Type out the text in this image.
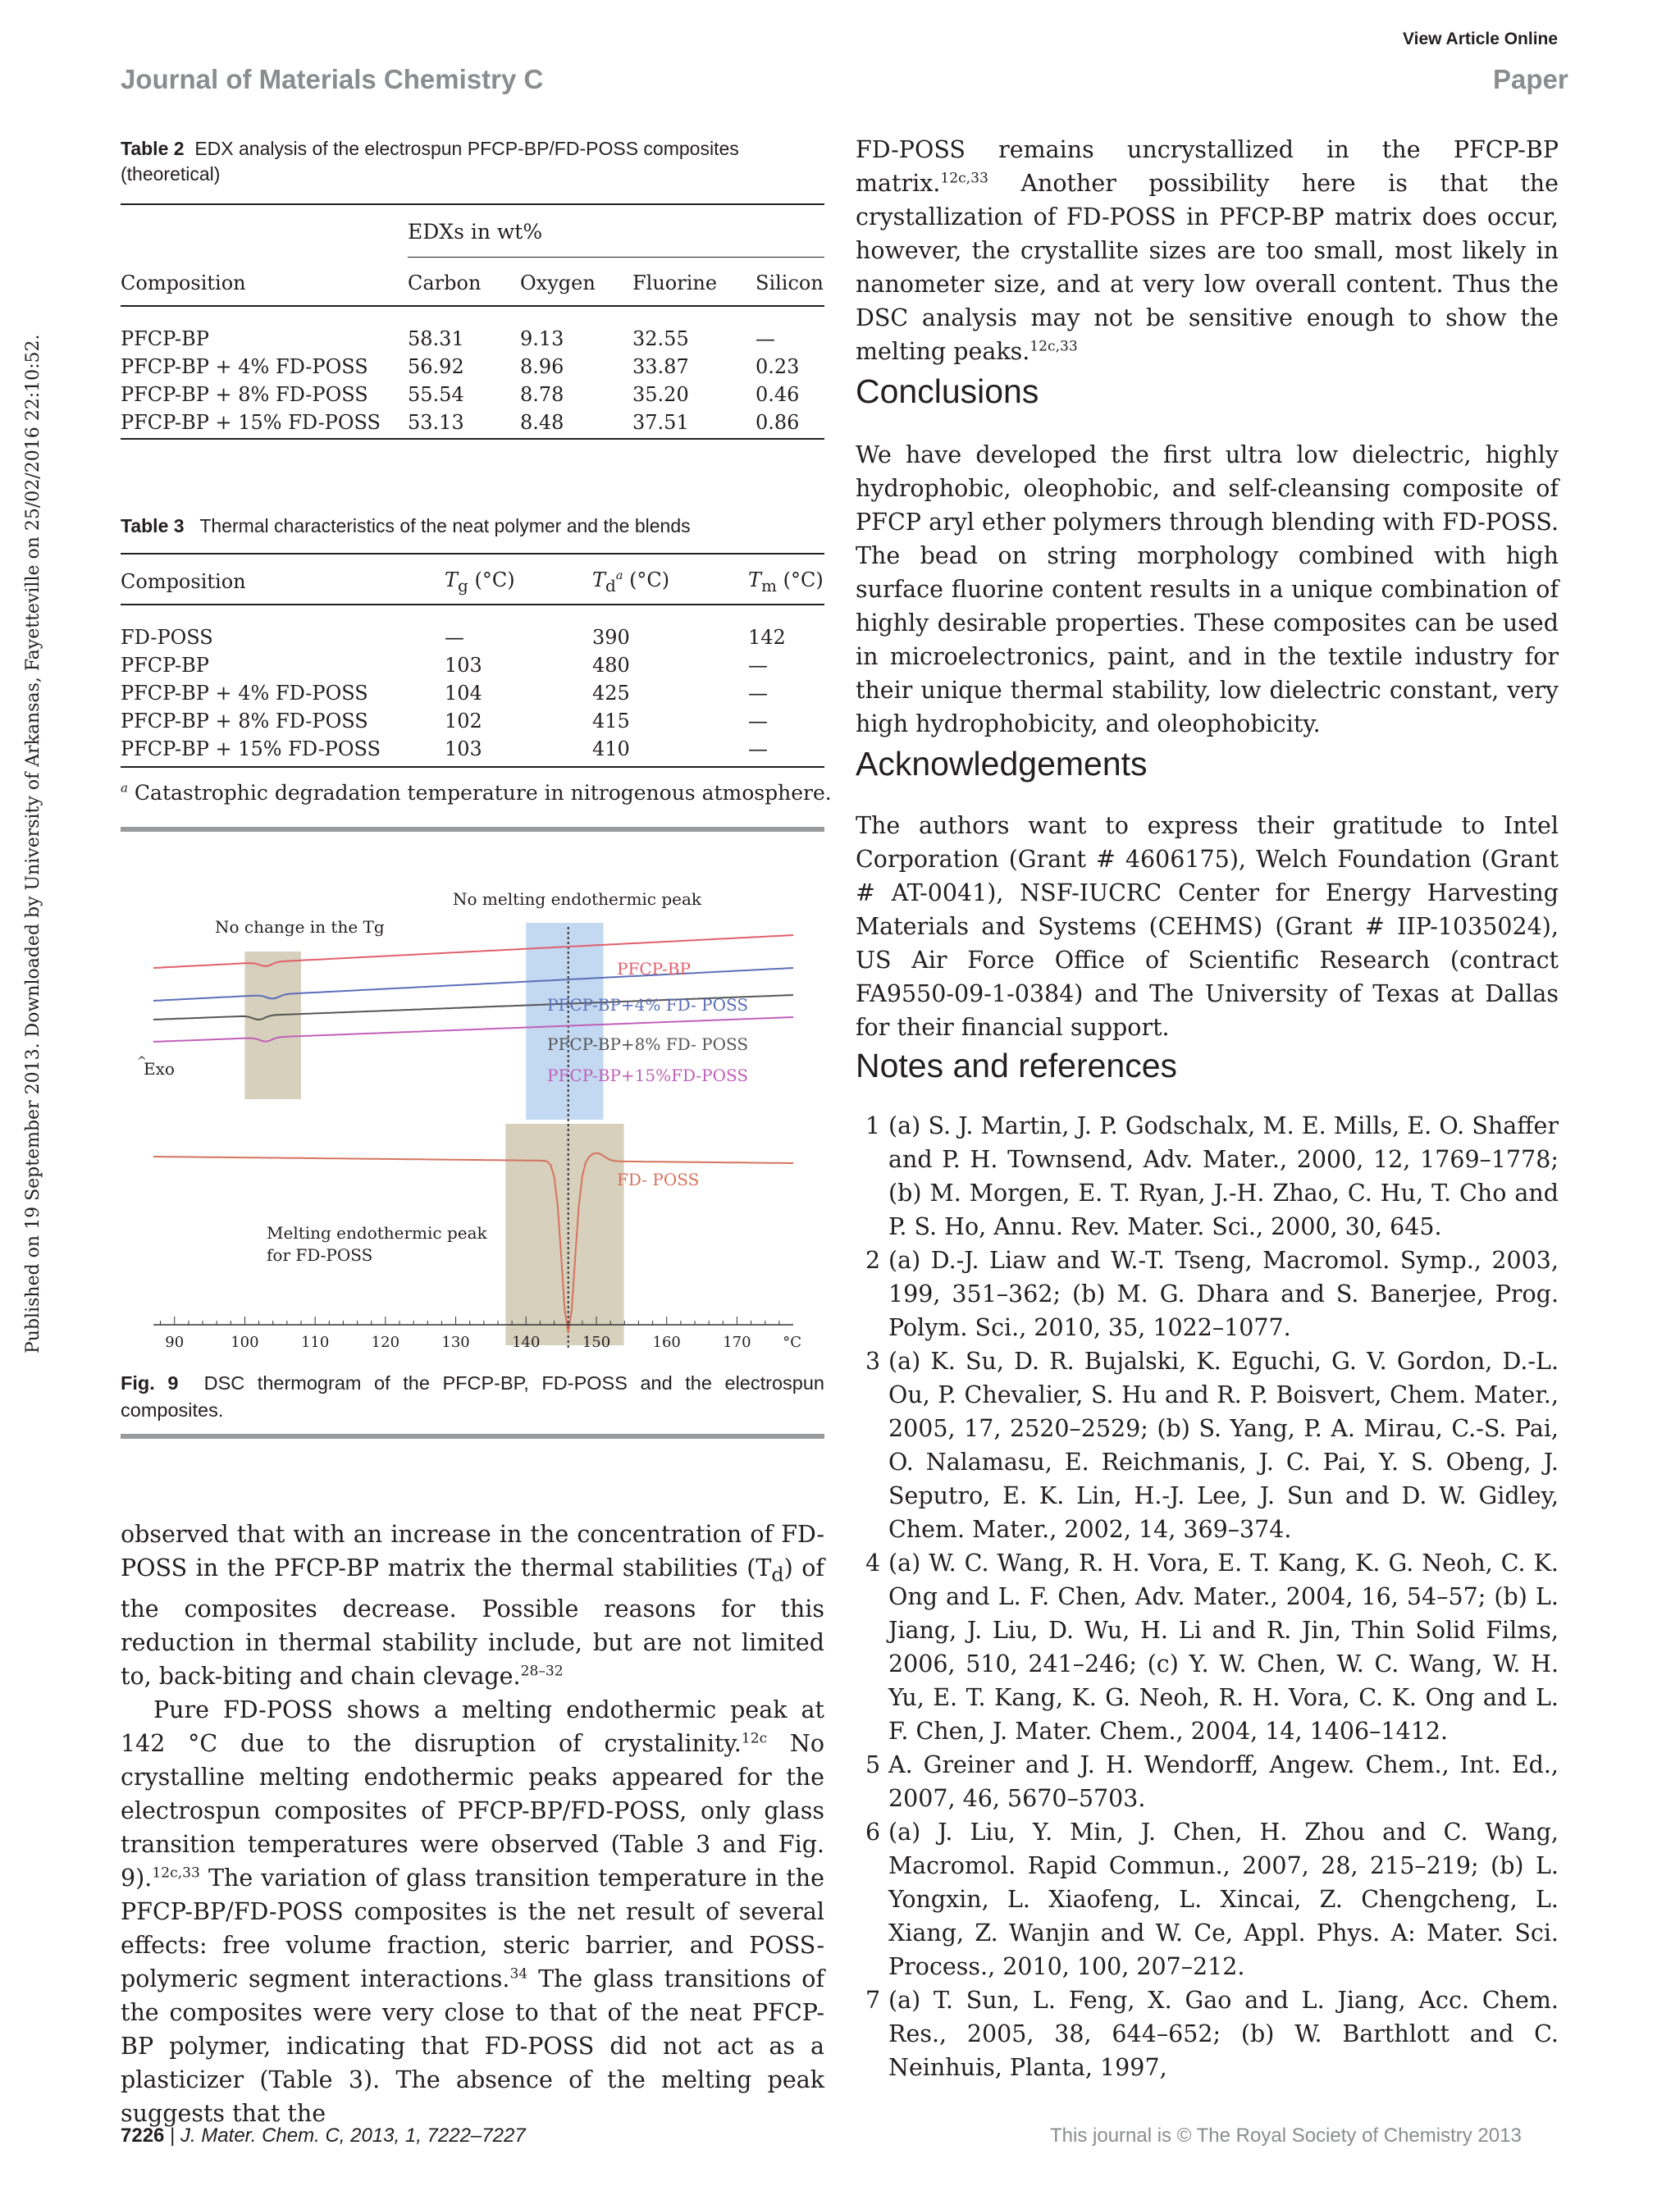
Journal of Materials Chemistry C
View Article Online
Paper
Published on 19 September 2013. Downloaded by University of Arkansas, Fayetteville on 25/02/2016 22:10:52.
Table 2 EDX analysis of the electrospun PFCP-BP/FD-POSS composites (theoretical)
EDXs in wt%
Composition	Carbon	Oxygen	Fluorine	Silicon
PFCP-BP	58.31	9.13	32.55	—
PFCP-BP + 4% FD-POSS	56.92	8.96	33.87	0.23
PFCP-BP + 8% FD-POSS	55.54	8.78	35.20	0.46
PFCP-BP + 15% FD-POSS	53.13	8.48	37.51	0.86
Table 3 Thermal characteristics of the neat polymer and the blends
Composition	$T_g$ (°C)	$T_d^a$ (°C)	$T_m$ (°C)
FD-POSS	—	390	142
PFCP-BP	103	480	—
PFCP-BP + 4% FD-POSS	104	425	—
PFCP-BP + 8% FD-POSS	102	415	—
PFCP-BP + 15% FD-POSS	103	410	—
$^a$ Catastrophic degradation temperature in nitrogenous atmosphere.
90	100	110	120	130	140	150	160	170 °C
PFCP-BP
PFCP-BP+4% FD- POSS
PFCP-BP+8% FD- POSS
PFCP-BP+15%FD-POSS
FD- POSS
No change in the Tg
No melting endothermic peak
^
Exo
Melting endothermic peak
for FD-POSS
Fig. 9 DSC thermogram of the PFCP-BP, FD-POSS and the electrospun composites.

observed that with an increase in the concentration of FD-POSS in the PFCP-BP matrix the thermal stabilities $(T_d)$ of the composites decrease. Possible reasons for this reduction in thermal stability include, but are not limited to, back-biting and chain clevage.$^{28-32}$

Pure FD-POSS shows a melting endothermic peak at 142 °C due to the disruption of crystalinity.$^{12c}$ No crystalline melting endothermic peaks appeared for the electrospun composites of PFCP-BP/FD-POSS, only glass transition temperatures were observed (Table 3 and Fig. 9).$^{12c,33}$ The variation of glass transition temperature in the PFCP-BP/FD-POSS composites is the net result of several effects: free volume fraction, steric barrier, and POSS-polymeric segment interactions.$^{34}$ The glass transitions of the composites were very close to that of the neat PFCP-BP polymer, indicating that FD-POSS did not act as a plasticizer (Table 3). The absence of the melting peak suggests that the

FD-POSS remains uncrystallized in the PFCP-BP matrix.$^{12c,33}$ Another possibility here is that the crystallization of FD-POSS in PFCP-BP matrix does occur, however, the crystallite sizes are too small, most likely in nanometer size, and at very low overall content. Thus the DSC analysis may not be sensitive enough to show the melting peaks.$^{12c,33}$

Conclusions

We have developed the first ultra low dielectric, highly hydrophobic, oleophobic, and self-cleansing composite of PFCP aryl ether polymers through blending with FD-POSS. The bead on string morphology combined with high surface fluorine content results in a unique combination of highly desirable properties. These composites can be used in microelectronics, paint, and in the textile industry for their unique thermal stability, low dielectric constant, very high hydrophobicity, and oleophobicity.

Acknowledgements

The authors want to express their gratitude to Intel Corporation (Grant # 4606175), Welch Foundation (Grant # AT-0041), NSF-IUCRC Center for Energy Harvesting Materials and Systems (CEHMS) (Grant # IIP-1035024), US Air Force Office of Scientific Research (contract FA9550-09-1-0384) and The University of Texas at Dallas for their financial support.

Notes and references
1 (a) S. J. Martin, J. P. Godschalx, M. E. Mills, E. O. Shaffer and P. H. Townsend, Adv. Mater., 2000, 12, 1769–1778; (b) M. Morgen, E. T. Ryan, J.-H. Zhao, C. Hu, T. Cho and P. S. Ho, Annu. Rev. Mater. Sci., 2000, 30, 645.
2 (a) D.-J. Liaw and W.-T. Tseng, Macromol. Symp., 2003, 199, 351–362; (b) M. G. Dhara and S. Banerjee, Prog. Polym. Sci., 2010, 35, 1022–1077.
3 (a) K. Su, D. R. Bujalski, K. Eguchi, G. V. Gordon, D.-L. Ou, P. Chevalier, S. Hu and R. P. Boisvert, Chem. Mater., 2005, 17, 2520–2529; (b) S. Yang, P. A. Mirau, C.-S. Pai, O. Nalamasu, E. Reichmanis, J. C. Pai, Y. S. Obeng, J. Seputro, E. K. Lin, H.-J. Lee, J. Sun and D. W. Gidley, Chem. Mater., 2002, 14, 369–374.
4 (a) W. C. Wang, R. H. Vora, E. T. Kang, K. G. Neoh, C. K. Ong and L. F. Chen, Adv. Mater., 2004, 16, 54–57; (b) L. Jiang, J. Liu, D. Wu, H. Li and R. Jin, Thin Solid Films, 2006, 510, 241–246; (c) Y. W. Chen, W. C. Wang, W. H. Yu, E. T. Kang, K. G. Neoh, R. H. Vora, C. K. Ong and L. F. Chen, J. Mater. Chem., 2004, 14, 1406–1412.
5 A. Greiner and J. H. Wendorff, Angew. Chem., Int. Ed., 2007, 46, 5670–5703.
6 (a) J. Liu, Y. Min, J. Chen, H. Zhou and C. Wang, Macromol. Rapid Commun., 2007, 28, 215–219; (b) L. Yongxin, L. Xiaofeng, L. Xincai, Z. Chengcheng, L. Xiang, Z. Wanjin and W. Ce, Appl. Phys. A: Mater. Sci. Process., 2010, 100, 207–212.
7 (a) T. Sun, L. Feng, X. Gao and L. Jiang, Acc. Chem. Res., 2005, 38, 644–652; (b) W. Barthlott and C. Neinhuis, Planta, 1997,
7226 | J. Mater. Chem. C, 2013, 1, 7222–7227	This journal is © The Royal Society of Chemistry 2013
